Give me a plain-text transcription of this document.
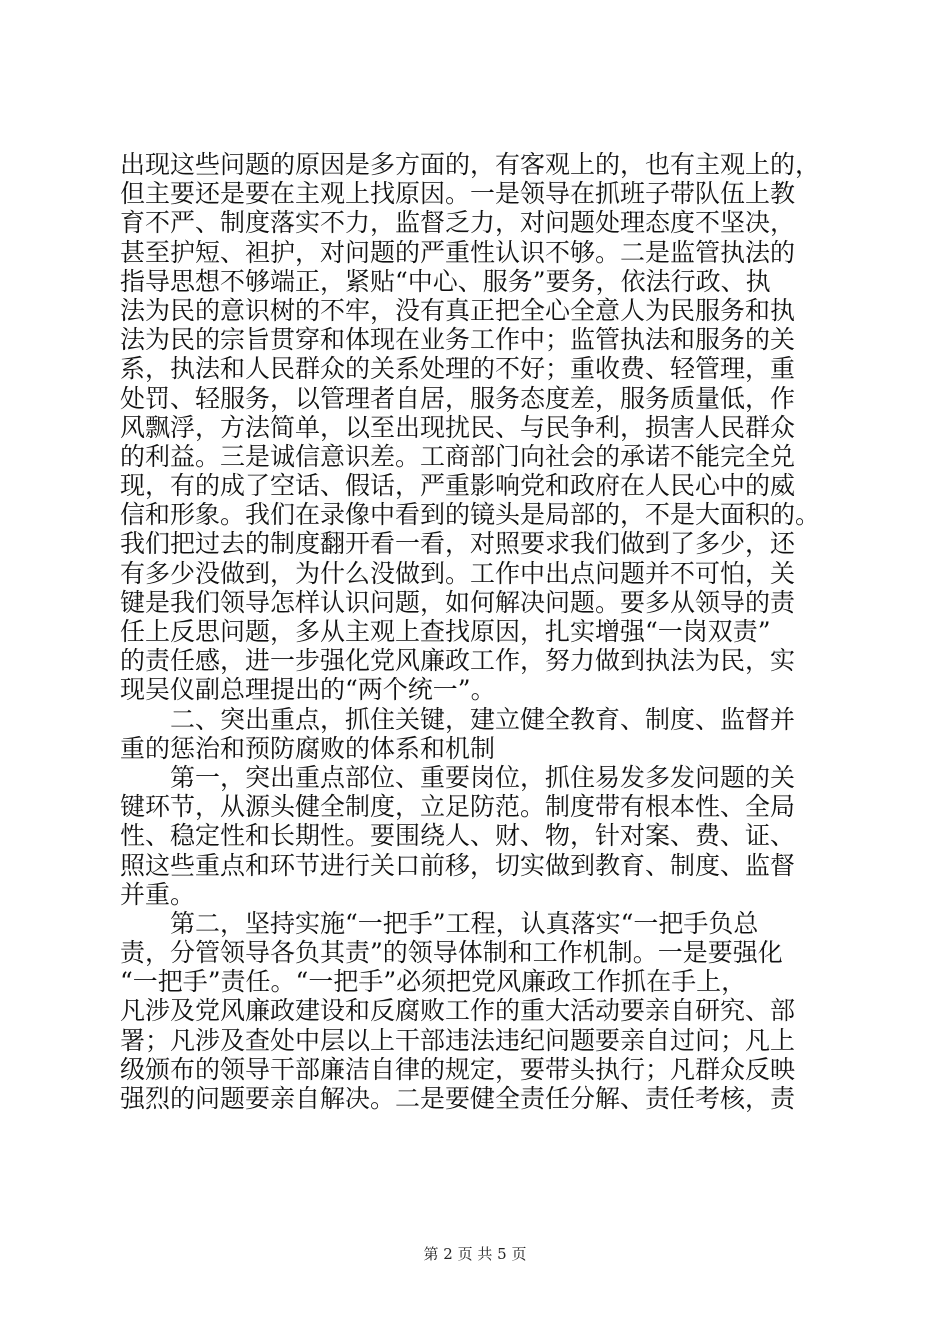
出现这些问题的原因是多方面的，有客观上的，也有主观上的，
但主要还是要在主观上找原因。一是领导在抓班子带队伍上教
育不严、制度落实不力，监督乏力，对问题处理态度不坚决，
甚至护短、袒护，对问题的严重性认识不够。二是监管执法的
指导思想不够端正，紧贴“中心、服务”要务，依法行政、执
法为民的意识树的不牢，没有真正把全心全意人为民服务和执
法为民的宗旨贯穿和体现在业务工作中；监管执法和服务的关
系，执法和人民群众的关系处理的不好；重收费、轻管理，重
处罚、轻服务，以管理者自居，服务态度差，服务质量低，作
风飘浮，方法简单，以至出现扰民、与民争利，损害人民群众
的利益。三是诚信意识差。工商部门向社会的承诺不能完全兑
现，有的成了空话、假话，严重影响党和政府在人民心中的威
信和形象。我们在录像中看到的镜头是局部的，不是大面积的。
我们把过去的制度翻开看一看，对照要求我们做到了多少，还
有多少没做到，为什么没做到。工作中出点问题并不可怕，关
键是我们领导怎样认识问题，如何解决问题。要多从领导的责
任上反思问题，多从主观上查找原因，扎实增强“一岗双责”
的责任感，进一步强化党风廉政工作，努力做到执法为民，实
现吴仪副总理提出的“两个统一”。
　　二、突出重点，抓住关键，建立健全教育、制度、监督并
重的惩治和预防腐败的体系和机制
　　第一，突出重点部位、重要岗位，抓住易发多发问题的关
键环节，从源头健全制度，立足防范。制度带有根本性、全局
性、稳定性和长期性。要围绕人、财、物，针对案、费、证、
照这些重点和环节进行关口前移，切实做到教育、制度、监督
并重。
　　第二，坚持实施“一把手”工程，认真落实“一把手负总
责，分管领导各负其责”的领导体制和工作机制。一是要强化
“一把手”责任。“一把手”必须把党风廉政工作抓在手上，
凡涉及党风廉政建设和反腐败工作的重大活动要亲自研究、部
署；凡涉及查处中层以上干部违法违纪问题要亲自过问；凡上
级颁布的领导干部廉洁自律的规定，要带头执行；凡群众反映
强烈的问题要亲自解决。二是要健全责任分解、责任考核，责
第 2 页 共 5 页
